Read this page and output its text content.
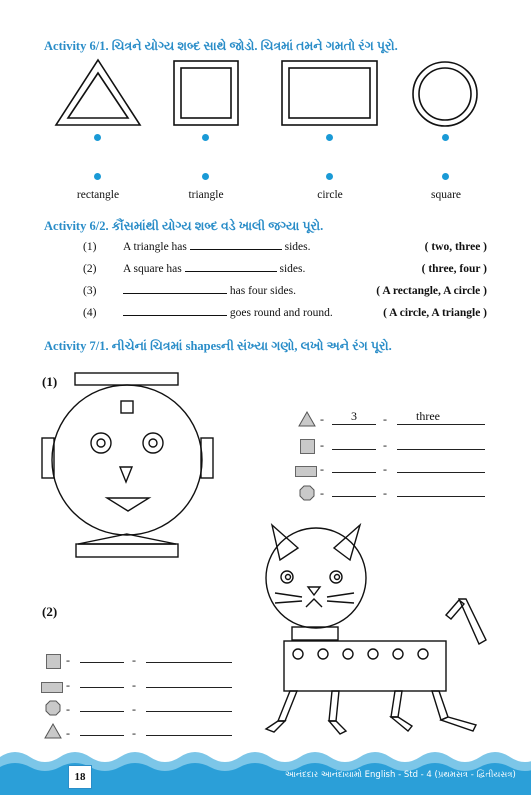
Activity 6/1. ચિત્રને યોગ્ય શબ્દ સાથે જોડો. ચિત્રમાં તમને ગમતો રંગ પૂરો.
rectangle	triangle	circle	square
Activity 6/2. કૌંસમાંથી યોગ્ય શબ્દ વડે ખાલી જગ્યા પૂરો.
(1) A triangle has	sides.	( two, three )
(2) A square has	sides.	( three, four )
(3)	has four sides.	( A rectangle, A circle )
(4)	goes round and round.	( A circle, A triangle )
Activity 7/1. નીચેનાં ચિત્રમાં shapesની સંખ્યા ગણો, લખો અને રંગ પૂરો.
(1)
- 3 - three
-	-
-	-
-	-
(2)
-	-
-	-
-	-
-	-
18	આનંદદાર આનંદાયામો English - Std - 4 (પ્રથમસત્ર - દ્વિતીયસત્ર)
